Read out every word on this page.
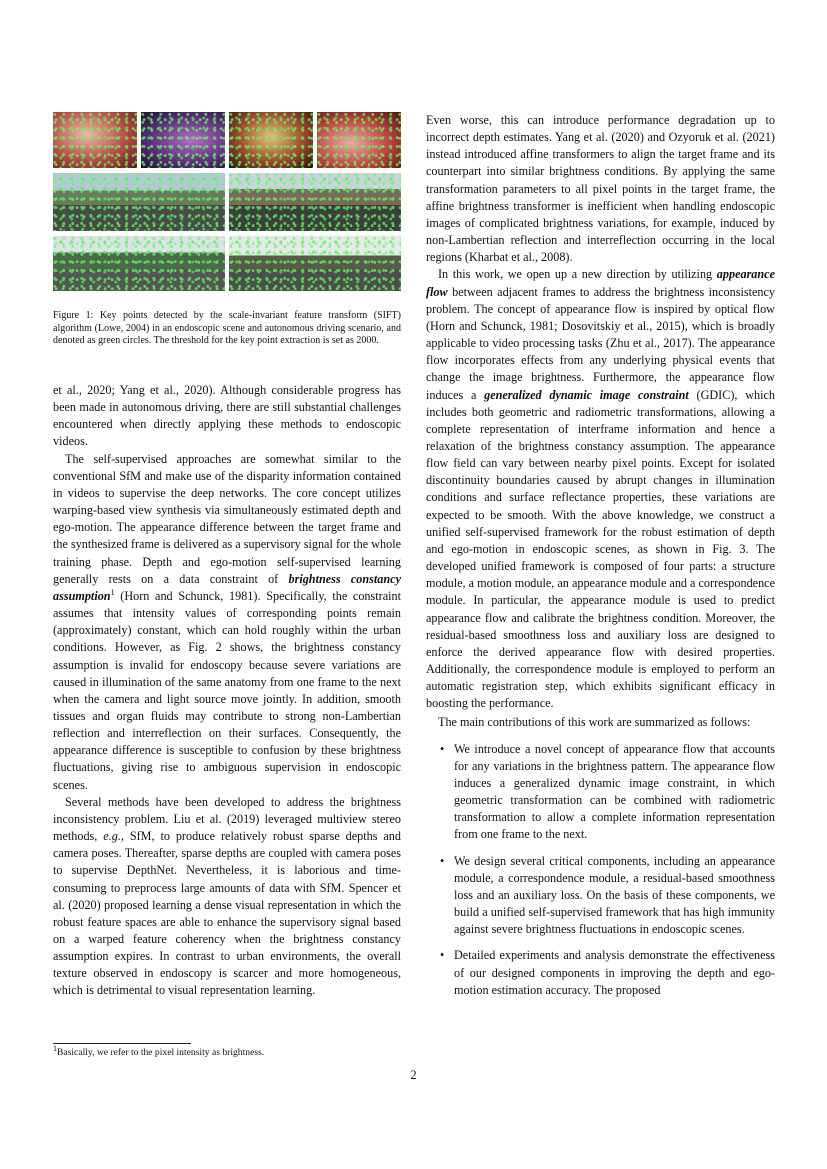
Figure 1: Key points detected by the scale-invariant feature transform (SIFT) algorithm (Lowe, 2004) in an endoscopic scene and autonomous driving scenario, and denoted as green circles. The threshold for the key point extraction is set as 2000.

et al., 2020; Yang et al., 2020). Although considerable progress has been made in autonomous driving, there are still substantial challenges encountered when directly applying these methods to endoscopic videos.

The self-supervised approaches are somewhat similar to the conventional SfM and make use of the disparity information contained in videos to supervise the deep networks. The core concept utilizes warping-based view synthesis via simultaneously estimated depth and ego-motion. The appearance difference between the target frame and the synthesized frame is delivered as a supervisory signal for the whole training phase. Depth and ego-motion self-supervised learning generally rests on a data constraint of brightness constancy assumption$^1$ (Horn and Schunck, 1981). Specifically, the constraint assumes that intensity values of corresponding points remain (approximately) constant, which can hold roughly within the urban conditions. However, as Fig. 2 shows, the brightness constancy assumption is invalid for endoscopy because severe variations are caused in illumination of the same anatomy from one frame to the next when the camera and light source move jointly. In addition, smooth tissues and organ fluids may contribute to strong non-Lambertian reflection and interreflection on their surfaces. Consequently, the appearance difference is susceptible to confusion by these brightness fluctuations, giving rise to ambiguous supervision in endoscopic scenes.

Several methods have been developed to address the brightness inconsistency problem. Liu et al. (2019) leveraged multiview stereo methods, e.g., SfM, to produce relatively robust sparse depths and camera poses. Thereafter, sparse depths are coupled with camera poses to supervise DepthNet. Nevertheless, it is laborious and time-consuming to preprocess large amounts of data with SfM. Spencer et al. (2020) proposed learning a dense visual representation in which the robust feature spaces are able to enhance the supervisory signal based on a warped feature coherency when the brightness constancy assumption expires. In contrast to urban environments, the overall texture observed in endoscopy is scarcer and more homogeneous, which is detrimental to visual representation learning.

$^1$Basically, we refer to the pixel intensity as brightness.

Even worse, this can introduce performance degradation up to incorrect depth estimates. Yang et al. (2020) and Ozyoruk et al. (2021) instead introduced affine transformers to align the target frame and its counterpart into similar brightness conditions. By applying the same transformation parameters to all pixel points in the target frame, the affine brightness transformer is inefficient when handling endoscopic images of complicated brightness variations, for example, induced by non-Lambertian reflection and interreflection occurring in the local regions (Kharbat et al., 2008).

In this work, we open up a new direction by utilizing appearance flow between adjacent frames to address the brightness inconsistency problem. The concept of appearance flow is inspired by optical flow (Horn and Schunck, 1981; Dosovitskiy et al., 2015), which is broadly applicable to video processing tasks (Zhu et al., 2017). The appearance flow incorporates effects from any underlying physical events that change the image brightness. Furthermore, the appearance flow induces a generalized dynamic image constraint (GDIC), which includes both geometric and radiometric transformations, allowing a complete representation of interframe information and hence a relaxation of the brightness constancy assumption. The appearance flow field can vary between nearby pixel points. Except for isolated discontinuity boundaries caused by abrupt changes in illumination conditions and surface reflectance properties, these variations are expected to be smooth. With the above knowledge, we construct a unified self-supervised framework for the robust estimation of depth and ego-motion in endoscopic scenes, as shown in Fig. 3. The developed unified framework is composed of four parts: a structure module, a motion module, an appearance module and a correspondence module. In particular, the appearance module is used to predict appearance flow and calibrate the brightness condition. Moreover, the residual-based smoothness loss and auxiliary loss are designed to enforce the derived appearance flow with desired properties. Additionally, the correspondence module is employed to perform an automatic registration step, which exhibits significant efficacy in boosting the performance.

The main contributions of this work are summarized as follows:

• We introduce a novel concept of appearance flow that accounts for any variations in the brightness pattern. The appearance flow induces a generalized dynamic image constraint, in which geometric transformation can be combined with radiometric transformation to allow a complete information representation from one frame to the next.
• We design several critical components, including an appearance module, a correspondence module, a residual-based smoothness loss and an auxiliary loss. On the basis of these components, we build a unified self-supervised framework that has high immunity against severe brightness fluctuations in endoscopic scenes.
• Detailed experiments and analysis demonstrate the effectiveness of our designed components in improving the depth and ego-motion estimation accuracy. The proposed
2
